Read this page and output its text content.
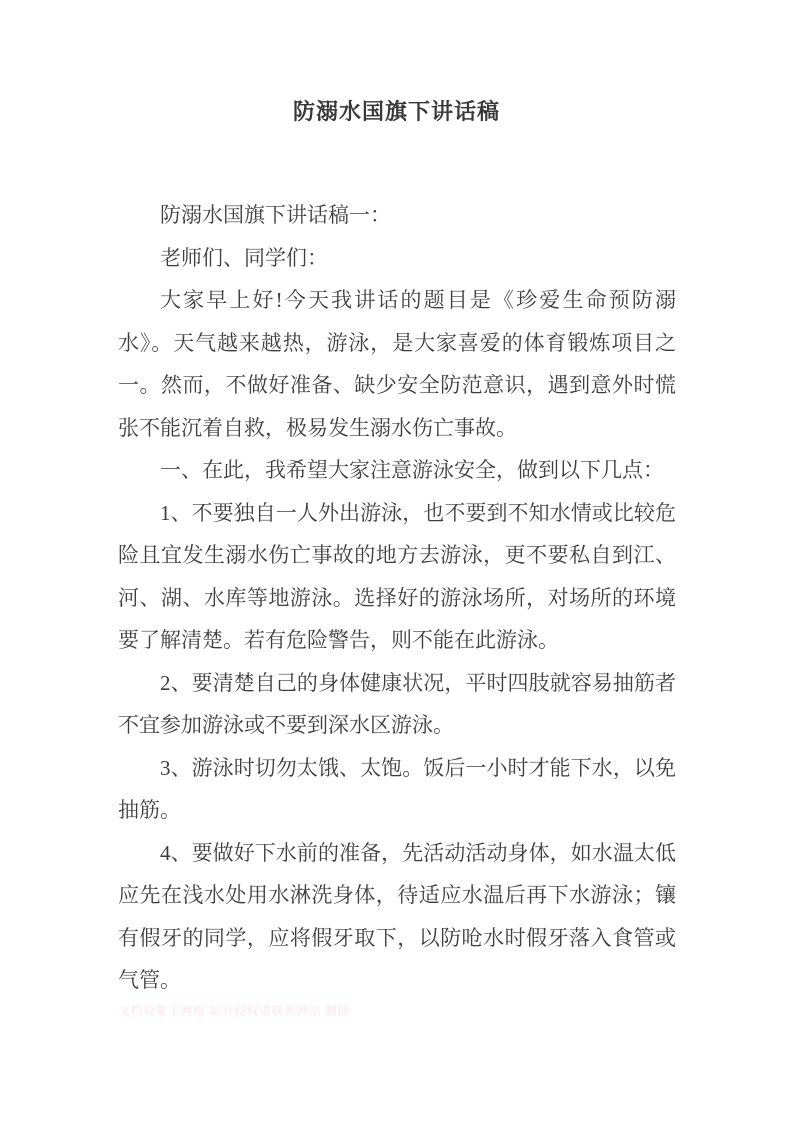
防溺水国旗下讲话稿

防溺水国旗下讲话稿一：

老师们、同学们：

大家早上好!今天我讲话的题目是《珍爱生命预防溺水》。天气越来越热，游泳，是大家喜爱的体育锻炼项目之一。然而，不做好准备、缺少安全防范意识，遇到意外时慌张不能沉着自救，极易发生溺水伤亡事故。

一、在此，我希望大家注意游泳安全，做到以下几点：

1、不要独自一人外出游泳，也不要到不知水情或比较危险且宜发生溺水伤亡事故的地方去游泳，更不要私自到江、河、湖、水库等地游泳。选择好的游泳场所，对场所的环境要了解清楚。若有危险警告，则不能在此游泳。

2、要清楚自己的身体健康状况，平时四肢就容易抽筋者不宜参加游泳或不要到深水区游泳。

3、游泳时切勿太饿、太饱。饭后一小时才能下水，以免抽筋。

4、要做好下水前的准备，先活动活动身体，如水温太低应先在浅水处用水淋洗身体，待适应水温后再下水游泳；镶有假牙的同学，应将假牙取下，以防呛水时假牙落入食管或气管。

文档收集于网络 如有侵权请联系网站 删除
